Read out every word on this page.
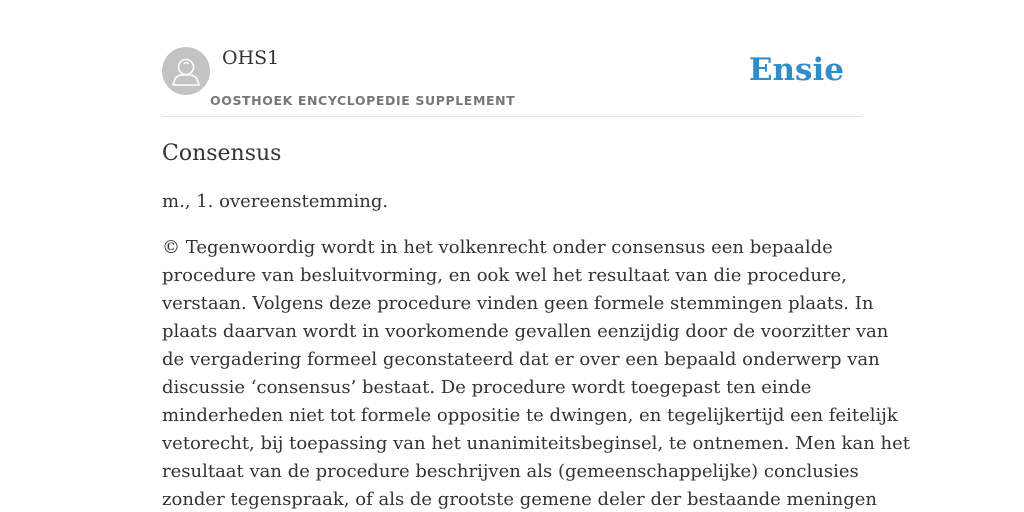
OHS1
OOSTHOEK ENCYCLOPEDIE SUPPLEMENT
Ensie
Consensus

m., 1. overeenstemming.

© Tegenwoordig wordt in het volkenrecht onder consensus een bepaalde
procedure van besluitvorming, en ook wel het resultaat van die procedure,
verstaan. Volgens deze procedure vinden geen formele stemmingen plaats. In
plaats daarvan wordt in voorkomende gevallen eenzijdig door de voorzitter van
de vergadering formeel geconstateerd dat er over een bepaald onderwerp van
discussie ‘consensus’ bestaat. De procedure wordt toegepast ten einde
minderheden niet tot formele oppositie te dwingen, en tegelijkertijd een feitelijk
vetorecht, bij toepassing van het unanimiteitsbeginsel, te ontnemen. Men kan het
resultaat van de procedure beschrijven als (gemeenschappelijke) conclusies
zonder tegenspraak, of als de grootste gemene deler der bestaande meningen
